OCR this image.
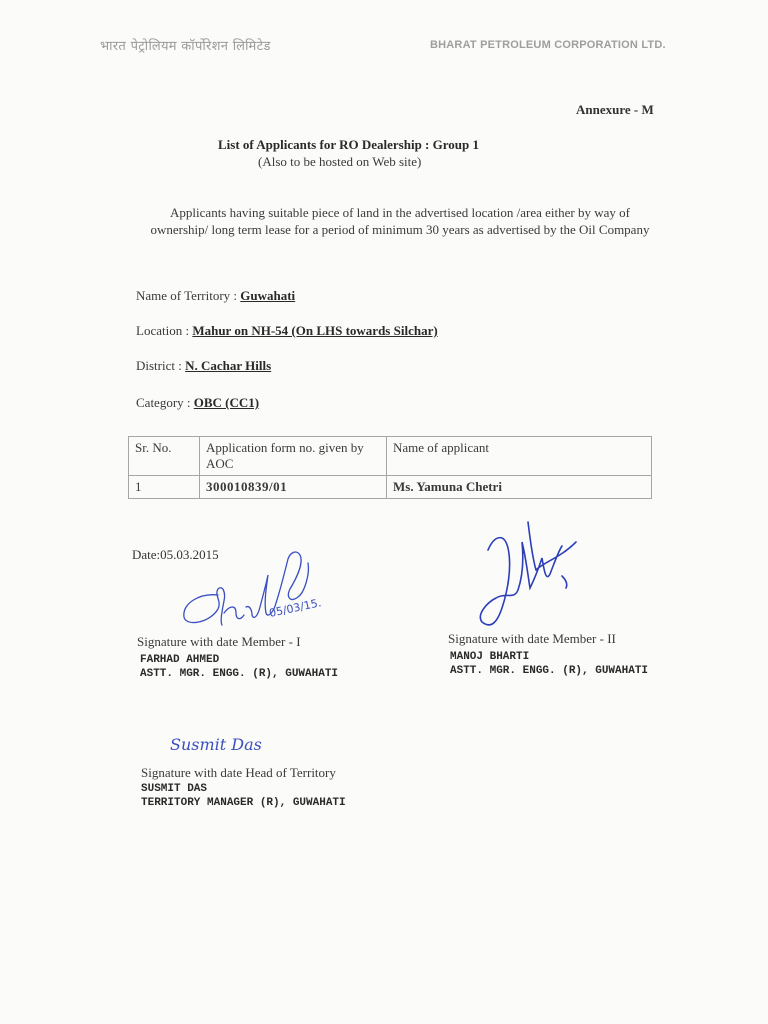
भारत पेट्रोलियम कॉर्पोरेशन लिमिटेड	BHARAT PETROLEUM CORPORATION LTD.
Annexure - M
List of Applicants for RO Dealership : Group 1
(Also to be hosted on Web site)
Applicants having suitable piece of land in the advertised location /area either by way of ownership/ long term lease for a period of minimum 30 years as advertised by the Oil Company
Name of Territory : Guwahati
Location : Mahur on NH-54 (On LHS towards Silchar)
District : N. Cachar Hills
Category : OBC (CC1)
Sr. No.	Application form no. given by AOC	Name of applicant
1	300010839/01	Ms. Yamuna Chetri
Date:05.03.2015
05/03/15.
Signature with date Member - I
FARHAD AHMED
ASTT. MGR. ENGG. (R), GUWAHATI
Signature with date Member - II
MANOJ BHARTI
ASTT. MGR. ENGG. (R), GUWAHATI
Susmit Das
Signature with date Head of Territory
SUSMIT DAS
TERRITORY MANAGER (R), GUWAHATI
